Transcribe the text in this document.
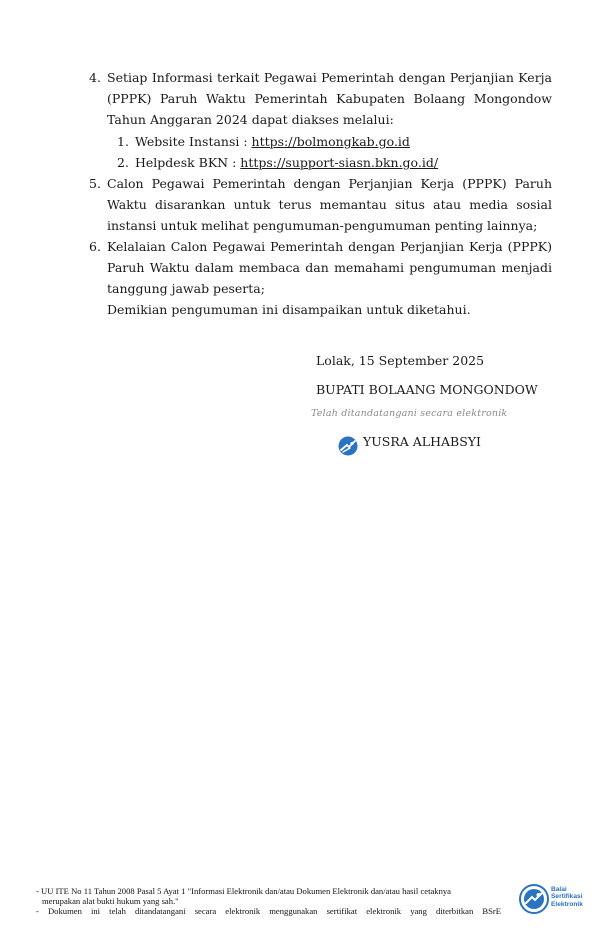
4. Setiap Informasi terkait Pegawai Pemerintah dengan Perjanjian Kerja (PPPK) Paruh Waktu Pemerintah Kabupaten Bolaang Mongondow Tahun Anggaran 2024 dapat diakses melalui:
1. Website Instansi : https://bolmongkab.go.id
2. Helpdesk BKN : https://support-siasn.bkn.go.id/
5. Calon Pegawai Pemerintah dengan Perjanjian Kerja (PPPK) Paruh Waktu disarankan untuk terus memantau situs atau media sosial instansi untuk melihat pengumuman-pengumuman penting lainnya;
6. Kelalaian Calon Pegawai Pemerintah dengan Perjanjian Kerja (PPPK) Paruh Waktu dalam membaca dan memahami pengumuman menjadi tanggung jawab peserta;
Demikian pengumuman ini disampaikan untuk diketahui.
Lolak, 15 September 2025
BUPATI BOLAANG MONGONDOW
Telah ditandatangani secara elektronik
YUSRA ALHABSYI
- UU ITE No 11 Tahun 2008 Pasal 5 Ayat 1 "Informasi Elektronik dan/atau Dokumen Elektronik dan/atau hasil cetaknya
merupakan alat bukti hukum yang sah."
- Dokumen ini telah ditandatangani secara elektronik menggunakan sertifikat elektronik yang diterbitkan BSrE
Balai
Sertifikasi
Elektronik
